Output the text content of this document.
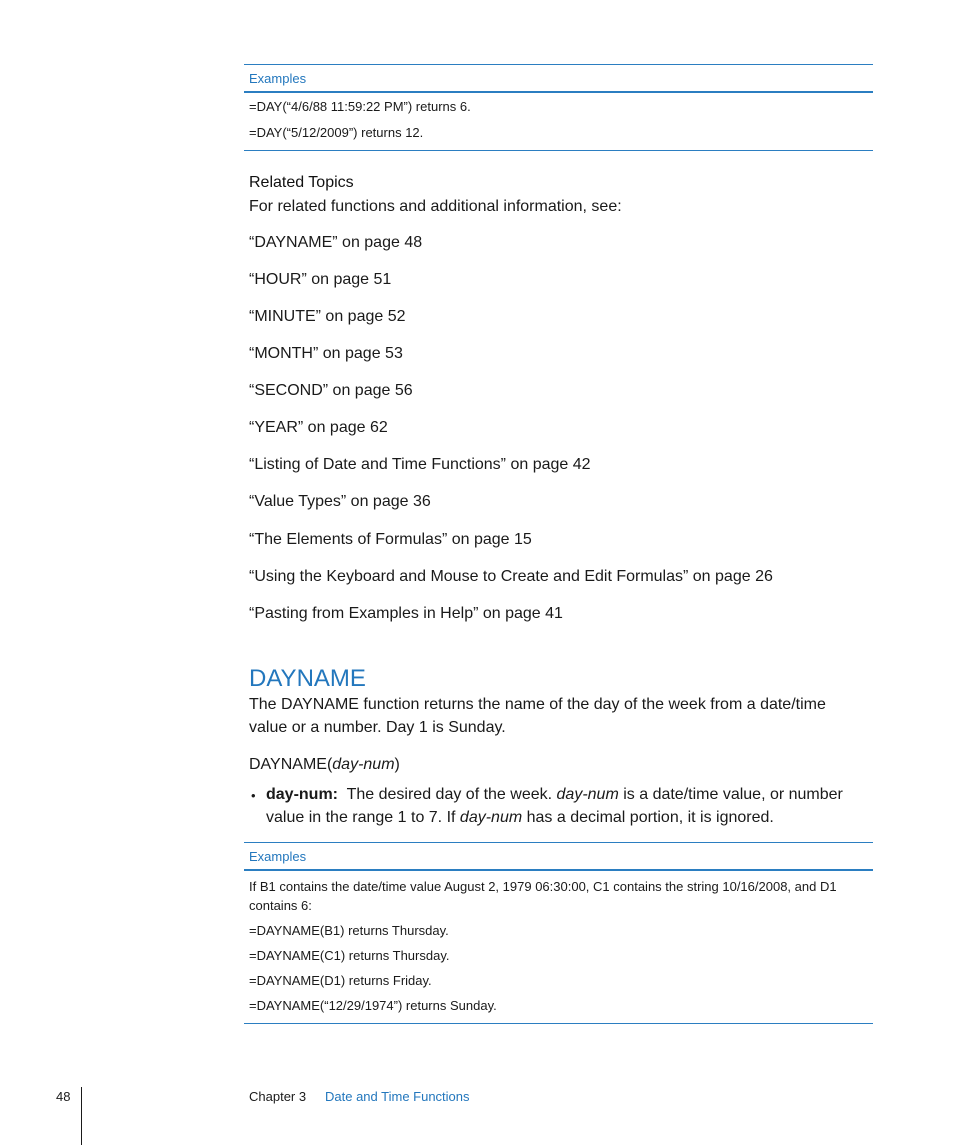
Examples
=DAY(“4/6/88 11:59:22 PM”) returns 6.
=DAY(“5/12/2009”) returns 12.
Related Topics
For related functions and additional information, see:
“DAYNAME” on page 48
“HOUR” on page 51
“MINUTE” on page 52
“MONTH” on page 53
“SECOND” on page 56
“YEAR” on page 62
“Listing of Date and Time Functions” on page 42
“Value Types” on page 36
“The Elements of Formulas” on page 15
“Using the Keyboard and Mouse to Create and Edit Formulas” on page 26
“Pasting from Examples in Help” on page 41
DAYNAME
The DAYNAME function returns the name of the day of the week from a date/time value or a number. Day 1 is Sunday.
DAYNAME(day-num)
• day-num: The desired day of the week. day-num is a date/time value, or number value in the range 1 to 7. If day-num has a decimal portion, it is ignored.
Examples
If B1 contains the date/time value August 2, 1979 06:30:00, C1 contains the string 10/16/2008, and D1 contains 6:
=DAYNAME(B1) returns Thursday.
=DAYNAME(C1) returns Thursday.
=DAYNAME(D1) returns Friday.
=DAYNAME(“12/29/1974”) returns Sunday.
48	Chapter 3 Date and Time Functions
